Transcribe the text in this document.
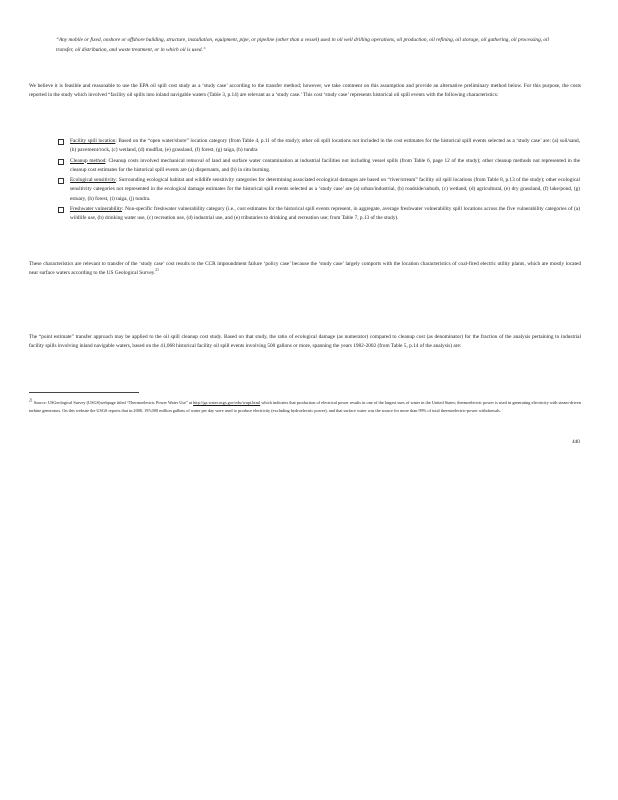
“Any mobile or fixed, onshore or offshore building, structure, installation, equipment, pipe, or pipeline (other than a vessel) used in oil well drilling operations, oil production, oil refining, oil storage, oil gathering, oil processing, oil transfer, oil distribution, and waste treatment, or in which oil is used.”
We believe it is feasible and reasonable to use the EPA oil spill cost study as a ‘study case’ according to the transfer method; however, we take comment on this assumption and provide an alternative preliminary method below. For this purpose, the costs reported in the study which involved “facility oil spills into inland navigable waters (Table 3, p.14) are relevant as a ‘study case.’ This cost ‘study case’ represents historical oil spill events with the following characteristics:
Facility spill location: Based on the “open water/shore” location category (from Table 4, p.11 of the study); other oil spill locations not included in the cost estimates for the historical spill events selected as a ‘study case’ are: (a) soil/sand, (b) pavement/rock, (c) wetland, (d) mudflat, (e) grassland, (f) forest, (g) taiga, (h) tundra
Cleanup method: Cleanup costs involved mechanical removal of land and surface water contamination at industrial facilities not including vessel spills (from Table 6, page 12 of the study); other cleanup methods not represented in the cleanup cost estimates for the historical spill events are (a) dispersants, and (b) in situ burning.
Ecological sensitivity: Surrounding ecological habitat and wildlife sensitivity categories for determining associated ecological damages are based on “river/stream” facility oil spill locations (from Table 8, p.13 of the study); other ecological sensitivity categories not represented in the ecological damage estimates for the historical spill events selected as a ‘study case’ are (a) urban/industrial, (b) roadside/suburb, (c) wetland, (d) agricultural, (e) dry grassland, (f) lake/pond, (g) estuary, (h) forest, (i) taiga, (j) tundra.
Freshwater vulnerability: Non-specific freshwater vulnerability category (i.e., cost estimates for the historical spill events represent, in aggregate, average freshwater vulnerability spill locations across the five vulnerability categories of (a) wildlife use, (b) drinking water use, (c) recreation use, (d) industrial use, and (e) tributaries to drinking and recreation use; from Table 7, p.13 of the study).
These characteristics are relevant to transfer of the ‘study case’ cost results to the CCR impoundment failure ‘policy case’ because the ‘study case’ largely comports with the location characteristics of coal-fired electric utility plants, which are mostly located near surface waters according to the US Geological Survey.$^{21}$
The “point estimate” transfer approach may be applied to the oil spill cleanup cost study. Based on that study, the ratio of ecological damage (as numerator) compared to cleanup cost (as denominator) for the fraction of the analysis pertaining to industrial facility spills involving inland navigable waters, based on the 41,068 historical facility oil spill events involving 500 gallons or more, spanning the years 1982-2002 (from Table 5, p.14 of the analysis) are:
$^{21}$ Source: USGeological Survey (USGS)webpage titled “Thermoelectric Power Water Use” at http://ga.water.usgs.gov/edu/wupt.html which indicates that production of electrical power results in one of the largest uses of water in the United States; thermoelectric power is used in generating electricity with steam-driven turbine generators. On this website the USGS reports that in 2000, 195,000 million gallons of water per day were used to produce electricity (excluding hydroelectric power), and that surface water was the source for more than 99% of total thermoelectric-power withdrawals.
440
